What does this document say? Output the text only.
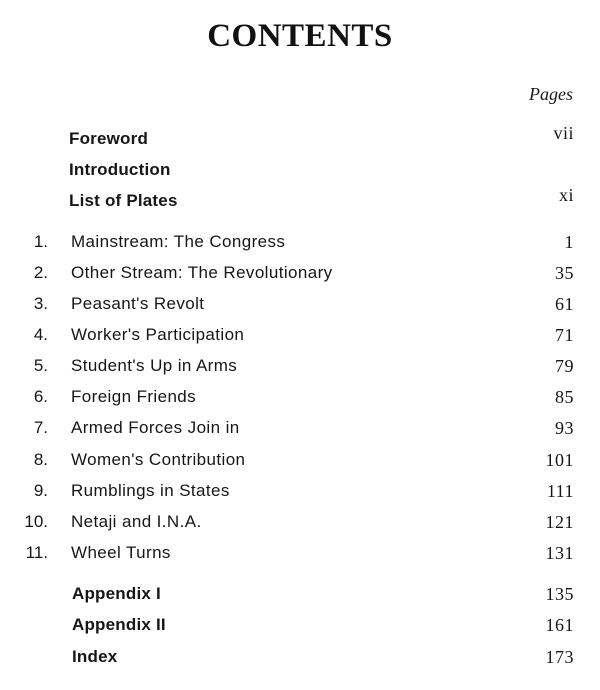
CONTENTS
Pages
Foreword	vii
Introduction
List of Plates	xi
1. Mainstream: The Congress	1
2. Other Stream: The Revolutionary	35
3. Peasant's Revolt	61
4. Worker's Participation	71
5. Student's Up in Arms	79
6. Foreign Friends	85
7. Armed Forces Join in	93
8. Women's Contribution	101
9. Rumblings in States	111
10. Netaji and I.N.A.	121
11. Wheel Turns	131
Appendix I	135
Appendix II	161
Index	173
